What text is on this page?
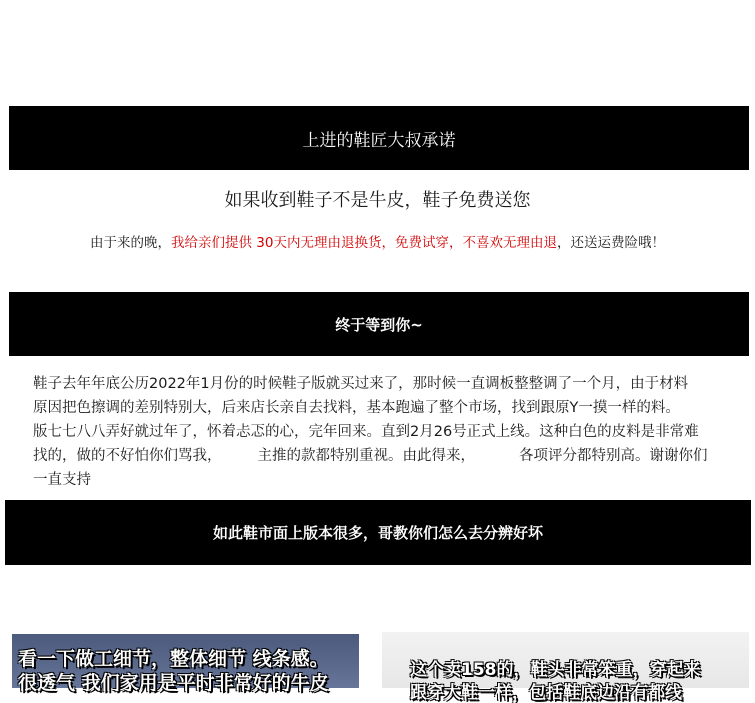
上进的鞋匠大叔承诺
如果收到鞋子不是牛皮，鞋子免费送您
由于来的晚，我给亲们提供 30天内无理由退换货，免费试穿，不喜欢无理由退，还送运费险哦！
终于等到你~
鞋子去年年底公历2022年1月份的时候鞋子版就买过来了，那时候一直调板整整调了一个月，由于材料
原因把色擦调的差别特别大，后来店长亲自去找料，基本跑遍了整个市场，找到跟原Y一摸一样的料。
版七七八八弄好就过年了，怀着忐忑的心，完年回来。直到2月26号正式上线。这种白色的皮料是非常难
找的，做的不好怕你们骂我， 主推的款都特别重视。由此得来，	各项评分都特别高。谢谢你们
一直支持
如此鞋市面上版本很多，哥教你们怎么去分辨好坏
看一下做工细节，整体细节 线条感。
很透气 我们家用是平时非常好的牛皮
这个卖158的，鞋头非常笨重，穿起来
跟穿大鞋一样，包括鞋底边沿有都线
